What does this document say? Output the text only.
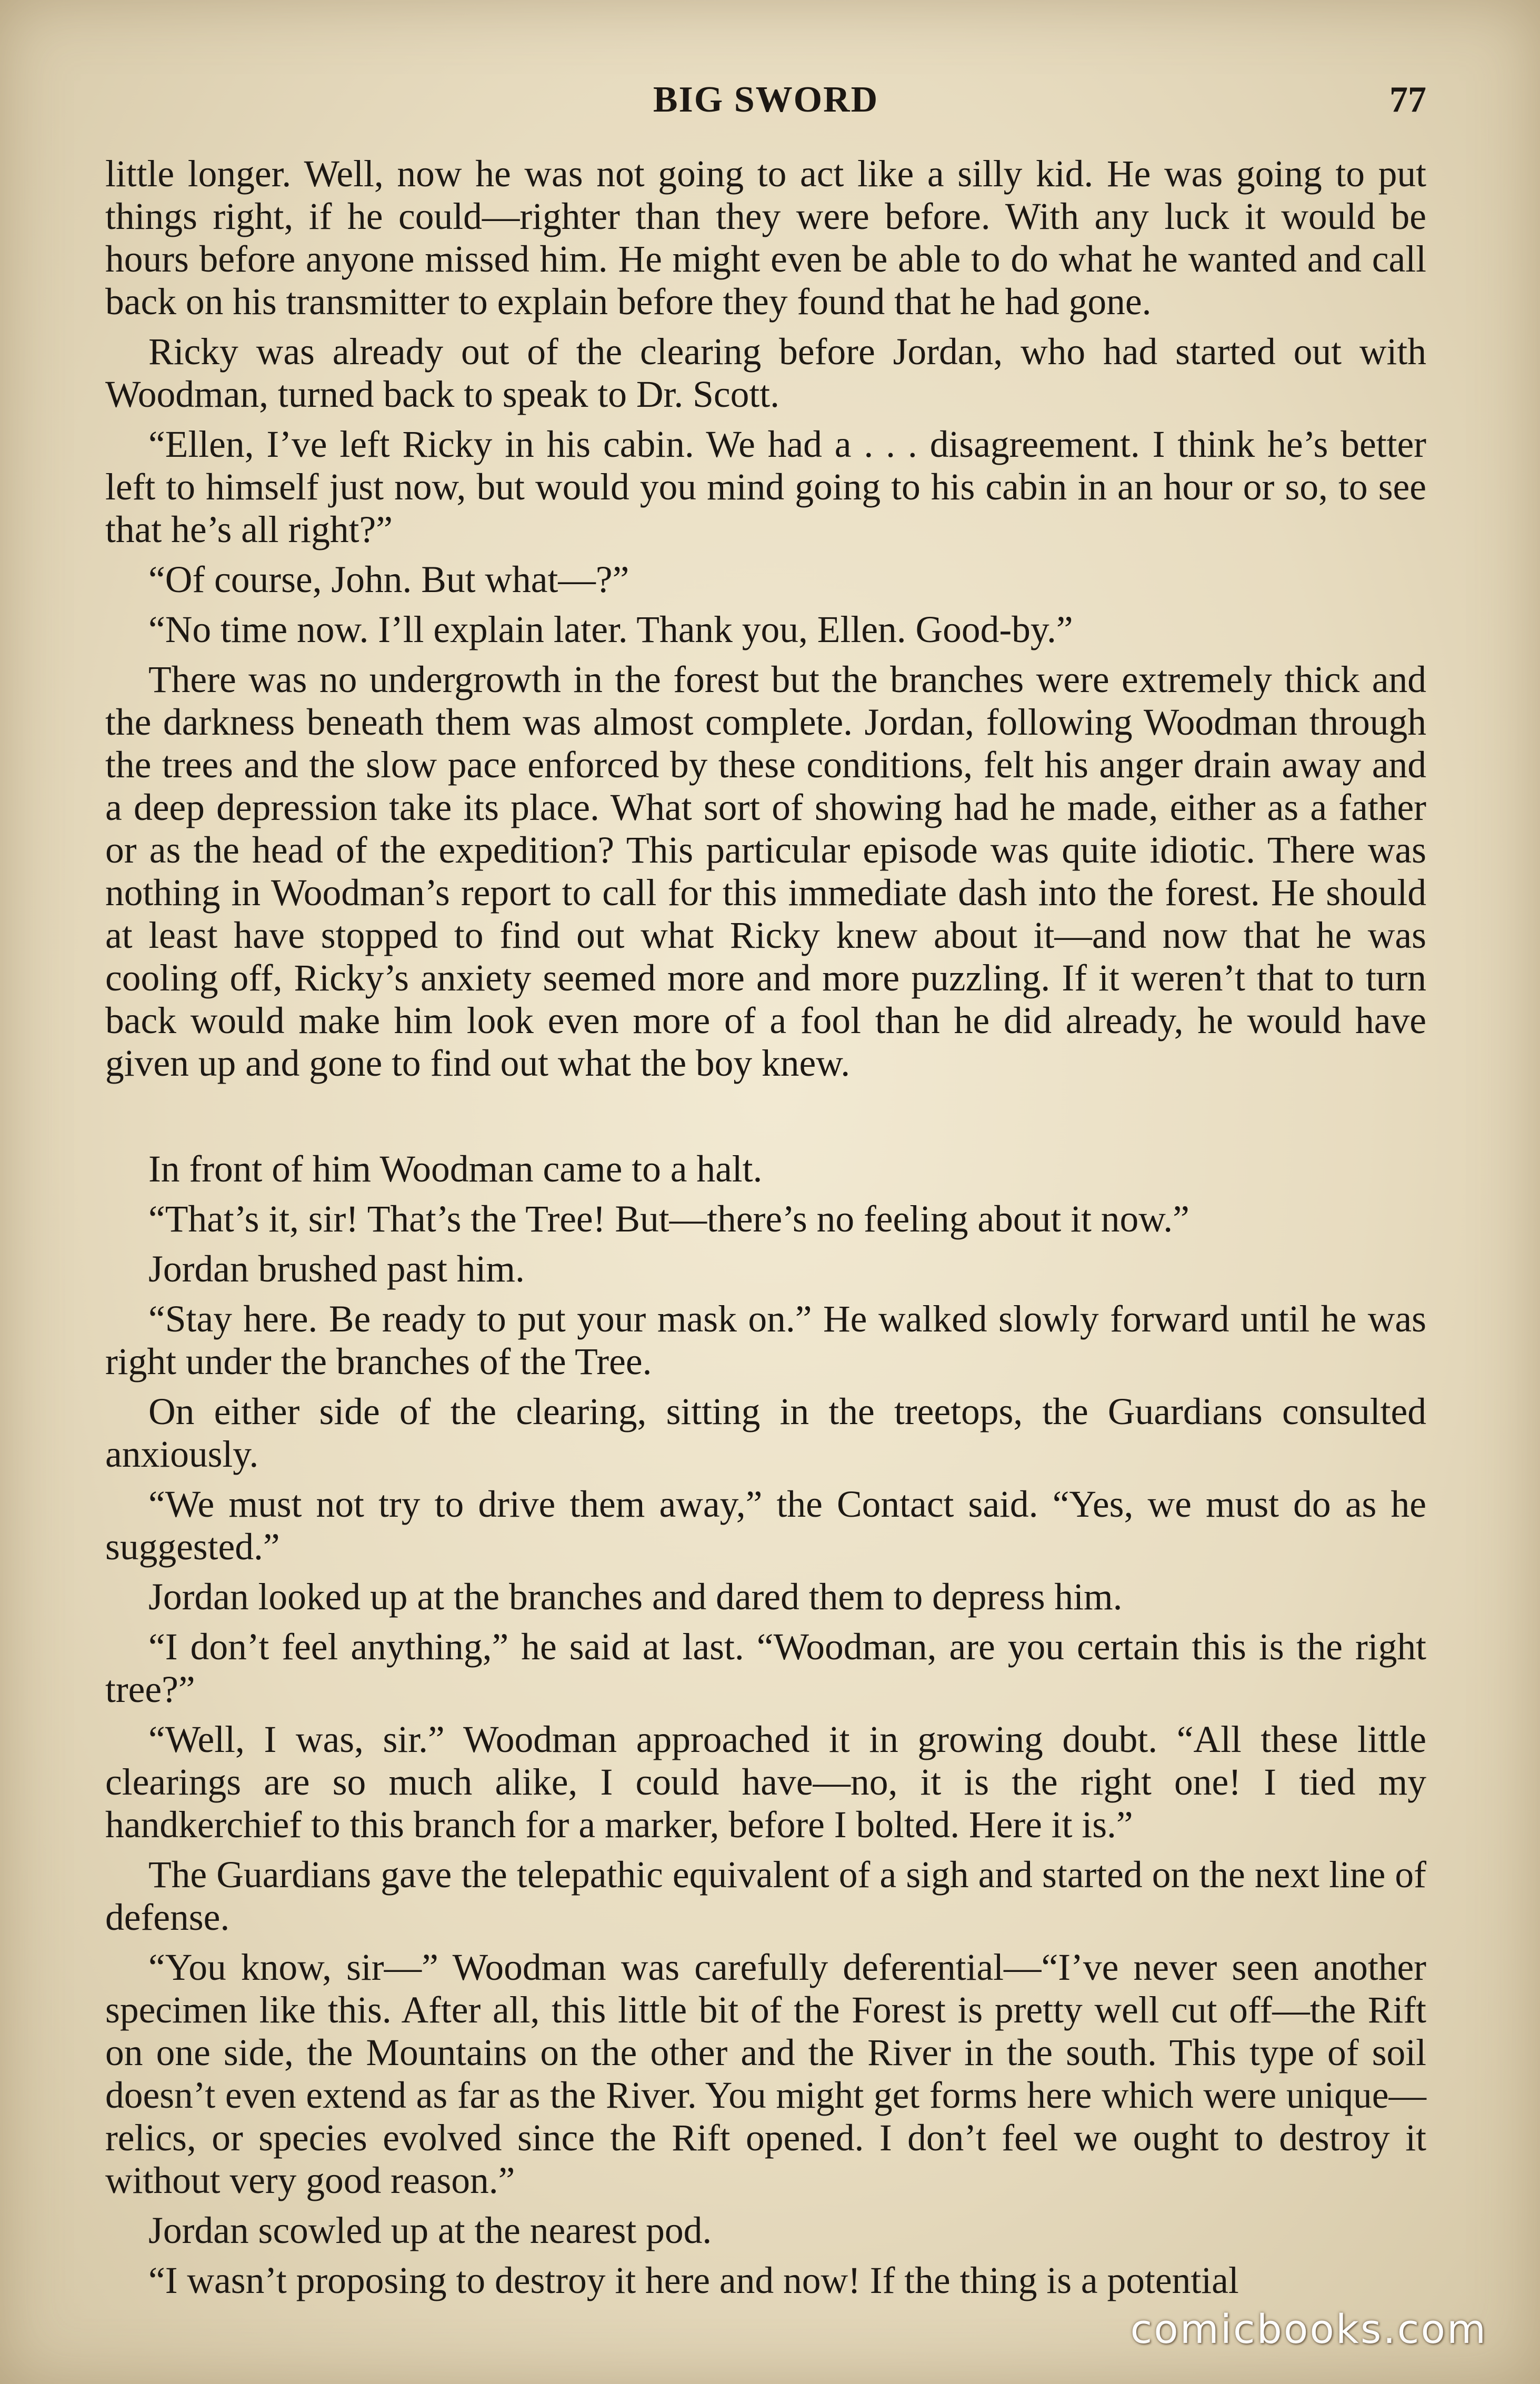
BIG SWORD	77

little longer. Well, now he was not going to act like a silly kid. He was going to put things right, if he could—righter than they were before. With any luck it would be hours before anyone missed him. He might even be able to do what he wanted and call back on his transmitter to explain before they found that he had gone.

Ricky was already out of the clearing before Jordan, who had started out with Woodman, turned back to speak to Dr. Scott.

“Ellen, I’ve left Ricky in his cabin. We had a . . . disagreement. I think he’s better left to himself just now, but would you mind going to his cabin in an hour or so, to see that he’s all right?”

“Of course, John. But what—?”

“No time now. I’ll explain later. Thank you, Ellen. Good-by.”

There was no undergrowth in the forest but the branches were extremely thick and the darkness beneath them was almost complete. Jordan, following Woodman through the trees and the slow pace enforced by these conditions, felt his anger drain away and a deep depression take its place. What sort of showing had he made, either as a father or as the head of the expedition? This particular episode was quite idiotic. There was nothing in Woodman’s report to call for this immediate dash into the forest. He should at least have stopped to find out what Ricky knew about it—and now that he was cooling off, Ricky’s anxiety seemed more and more puzzling. If it weren’t that to turn back would make him look even more of a fool than he did already, he would have given up and gone to find out what the boy knew.

In front of him Woodman came to a halt.

“That’s it, sir! That’s the Tree! But—there’s no feeling about it now.”

Jordan brushed past him.

“Stay here. Be ready to put your mask on.” He walked slowly forward until he was right under the branches of the Tree.

On either side of the clearing, sitting in the treetops, the Guardians consulted anxiously.

“We must not try to drive them away,” the Contact said. “Yes, we must do as he suggested.”

Jordan looked up at the branches and dared them to depress him.

“I don’t feel anything,” he said at last. “Woodman, are you certain this is the right tree?”

“Well, I was, sir.” Woodman approached it in growing doubt. “All these little clearings are so much alike, I could have—no, it is the right one! I tied my handkerchief to this branch for a marker, before I bolted. Here it is.”

The Guardians gave the telepathic equivalent of a sigh and started on the next line of defense.

“You know, sir—” Woodman was carefully deferential—“I’ve never seen another specimen like this. After all, this little bit of the Forest is pretty well cut off—the Rift on one side, the Mountains on the other and the River in the south. This type of soil doesn’t even extend as far as the River. You might get forms here which were unique—relics, or species evolved since the Rift opened. I don’t feel we ought to destroy it without very good reason.”

Jordan scowled up at the nearest pod.

“I wasn’t proposing to destroy it here and now! If the thing is a potential

comicbooks.com
